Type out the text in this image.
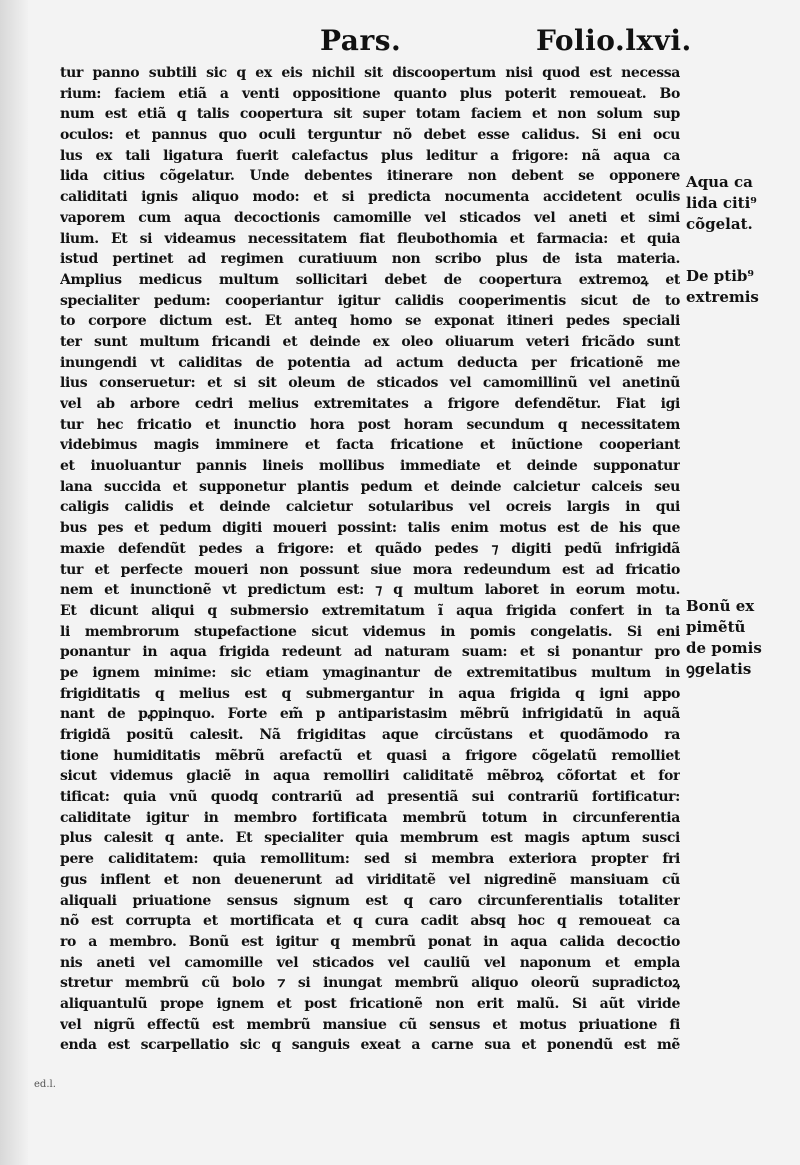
Pars.	Folio.lxvi.
tur panno subtili sic q ex eis nichil sit discoopertum nisi quod est necessa
rium: faciem etiã a venti oppositione quanto plus poterit remoueat. Bo
num est etiã q talis coopertura sit super totam faciem et non solum sup
oculos: et pannus quo oculi terguntur nõ debet esse calidus. Si eni ocu
lus ex tali ligatura fuerit calefactus plus leditur a frigore: nã aqua ca
lida citius cõgelatur. Unde debentes itinerare non debent se opponere
caliditati ignis aliquo modo: et si predicta nocumenta accidetent oculis
vaporem cum aqua decoctionis camomille vel sticados vel aneti et simi
lium. Et si videamus necessitatem fiat fleubothomia et farmacia: et quia
istud pertinet ad regimen curatiuum non scribo plus de ista materia.
Amplius medicus multum sollicitari debet de coopertura extremoꝝ et
specialiter pedum: cooperiantur igitur calidis cooperimentis sicut de to
to corpore dictum est. Et anteq homo se exponat itineri pedes speciali
ter sunt multum fricandi et deinde ex oleo oliuarum veteri fricãdo sunt
inungendi vt caliditas de potentia ad actum deducta per fricationẽ me
lius conseruetur: et si sit oleum de sticados vel camomillinũ vel anetinũ
vel ab arbore cedri melius extremitates a frigore defendẽtur. Fiat igi
tur hec fricatio et inunctio hora post horam secundum q necessitatem
videbimus magis imminere et facta fricatione et inũctione cooperiant
et inuoluantur pannis lineis mollibus immediate et deinde supponatur
lana succida et supponetur plantis pedum et deinde calcietur calceis seu
caligis calidis et deinde calcietur sotularibus vel ocreis largis in qui
bus pes et pedum digiti moueri possint: talis enim motus est de his que
maxie defendũt pedes a frigore: et quãdo pedes ⁊ digiti pedũ infrigidã
tur et perfecte moueri non possunt siue mora redeundum est ad fricatio
nem et inunctionẽ vt predictum est: ⁊ q multum laboret in eorum motu.
Et dicunt aliqui q submersio extremitatum ĩ aqua frigida confert in ta
li membrorum stupefactione sicut videmus in pomis congelatis. Si eni
ponantur in aqua frigida redeunt ad naturam suam: et si ponantur pro
pe ignem minime: sic etiam ymaginantur de extremitatibus multum in
frigiditatis q melius est q submergantur in aqua frigida q igni appo
nant de pꝓpinquo. Forte em̃ p antiparistasim mẽbrũ infrigidatũ in aquã
frigidã positũ calesit. Nã frigiditas aque circũstans et quodãmodo ra
tione humiditatis mẽbrũ arefactũ et quasi a frigore cõgelatũ remolliet
sicut videmus glaciẽ in aqua remolliri caliditatẽ mẽbroꝝ cõfortat et for
tificat: quia vnũ quodq contrariũ ad presentiã sui contrariũ fortificatur:
caliditate igitur in membro fortificata membrũ totum in circunferentia
plus calesit q ante. Et specialiter quia membrum est magis aptum susci
pere caliditatem: quia remollitum: sed si membra exteriora propter fri
gus inflent et non deuenerunt ad viriditatẽ vel nigredinẽ mansiuam cũ
aliquali priuatione sensus signum est q caro circunferentialis totaliter
nõ est corrupta et mortificata et q cura cadit absq hoc q remoueat ca
ro a membro. Bonũ est igitur q membrũ ponat in aqua calida decoctio
nis aneti vel camomille vel sticados vel cauliũ vel naponum et empla
stretur membrũ cũ bolo ⁊ si inungat membrũ aliquo oleorũ supradictoꝝ
aliquantulũ prope ignem et post fricationẽ non erit malũ. Si aũt viride
vel nigrũ effectũ est membrũ mansiue cũ sensus et motus priuatione fi
enda est scarpellatio sic q sanguis exeat a carne sua et ponendũ est mẽ
Aqua ca
lida citi⁹
cõgelat.
De ptib⁹
extremis
Bonũ ex
pimẽtũ
de pomis
ꝯgelatis
ed.l.
